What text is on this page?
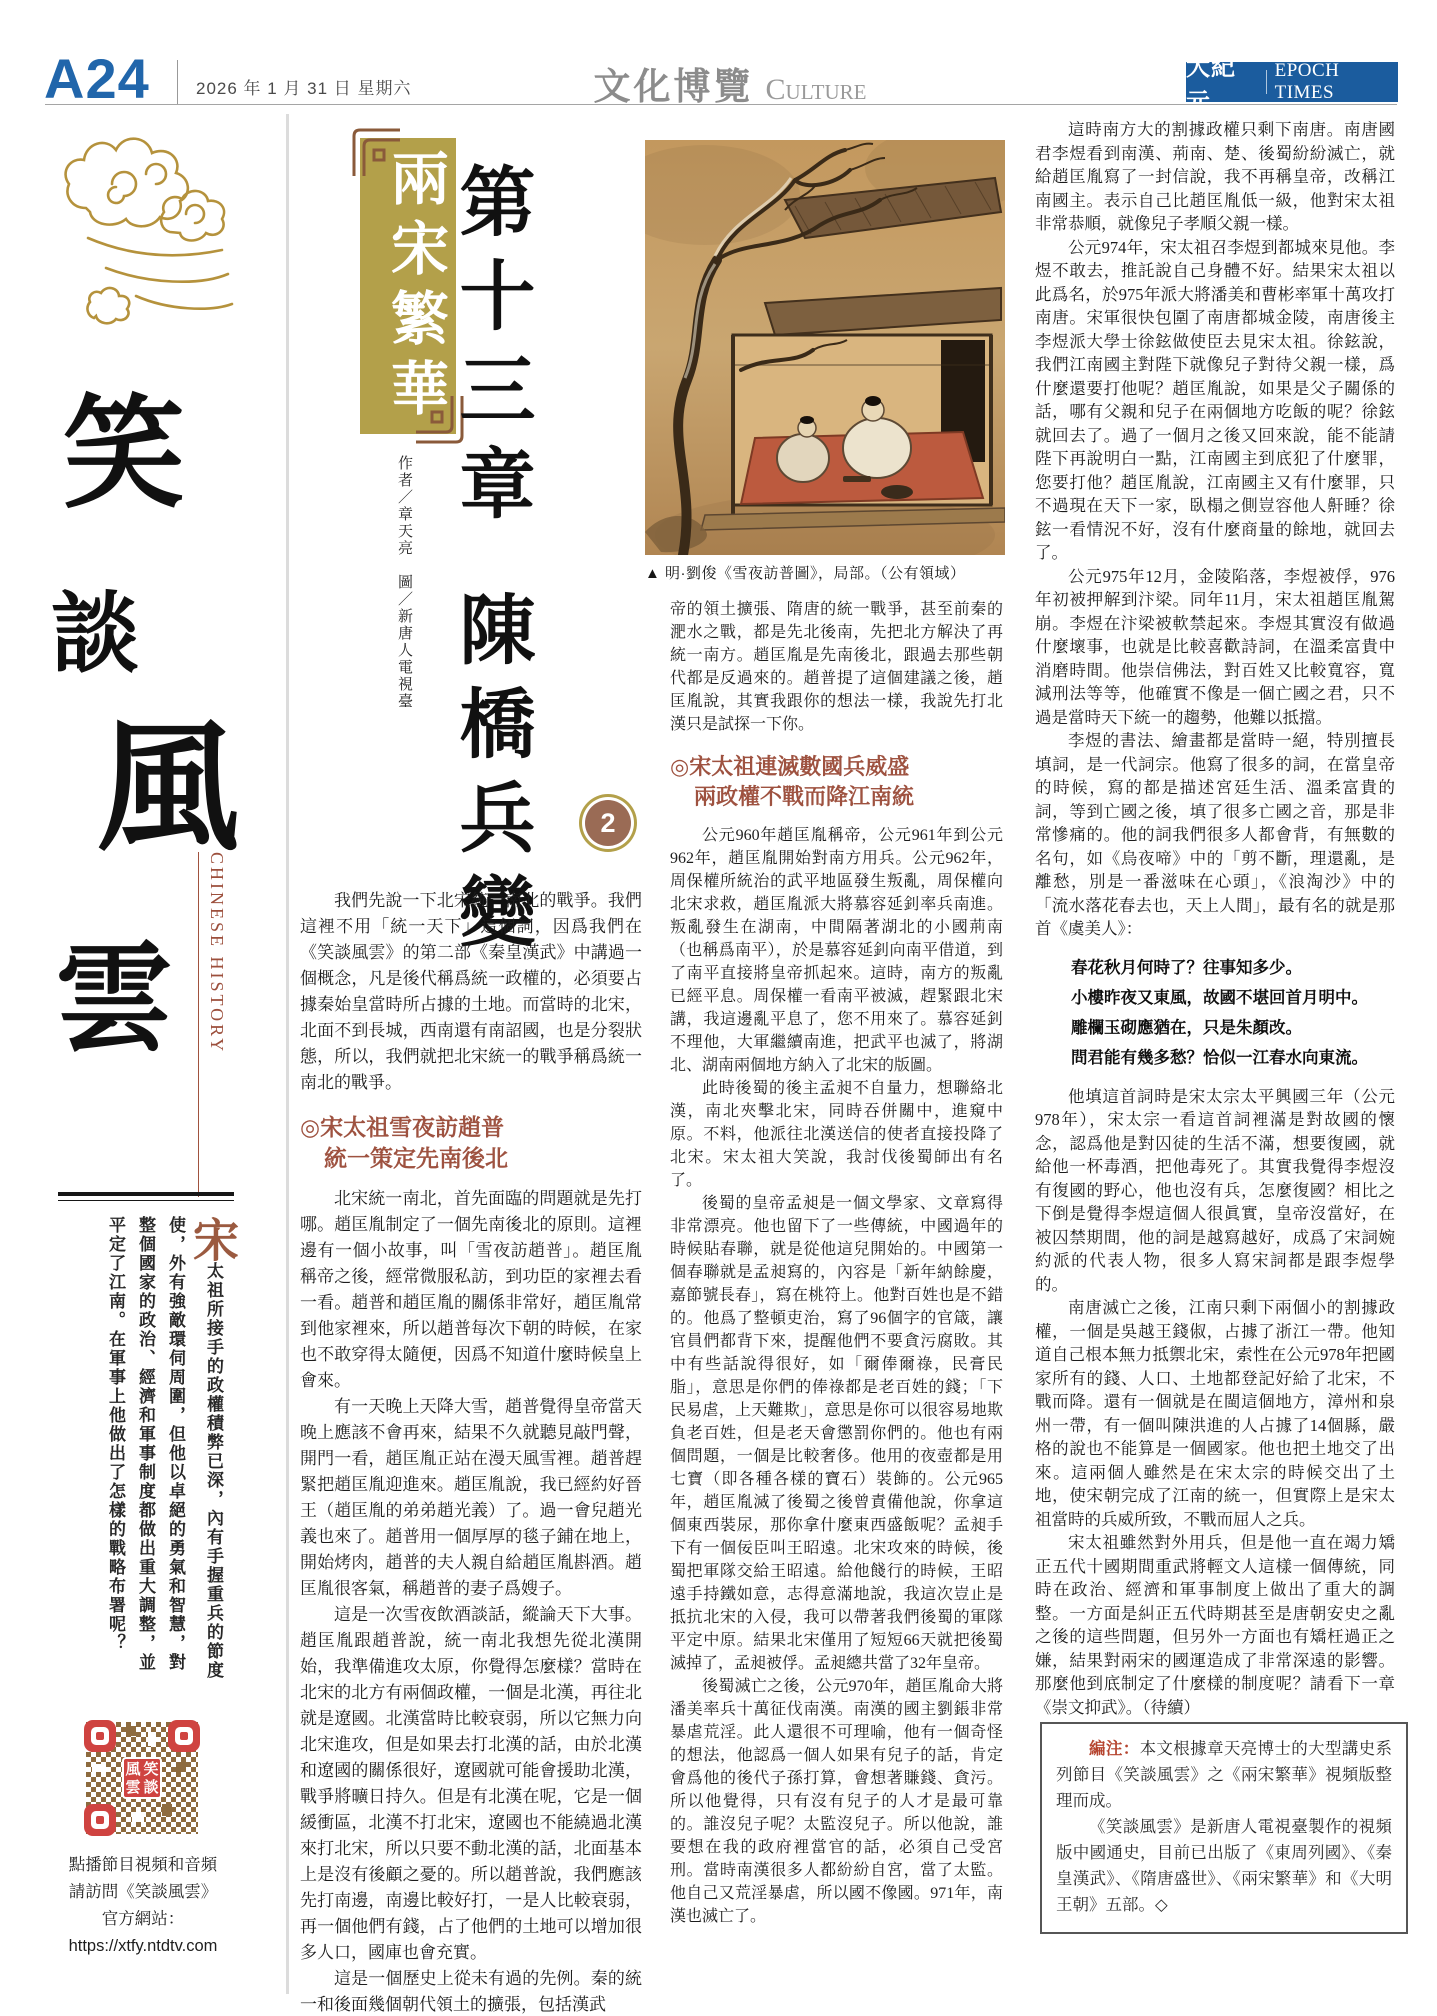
A24	2026 年 1 月 31 日 星期六	文化博覽 Culture
大紀元
EPOCH TIMES
笑
談
風
雲	CHINESE HISTORY
宋太祖所接手的政權積弊已深，內有手握重兵的節度使，外有強敵環伺周圍，但他以卓絕的勇氣和智慧，對整個國家的政治、經濟和軍事制度都做出重大調整，並平定了江南。在軍事上他做出了怎樣的戰略布署呢？
笑
談
風
雲
點播節目視頻和音頻
請訪問《笑談風雲》
官方網站：
https://xtfy.ntdtv.com
兩宋繁華
作者／章天亮　圖／新唐人電視臺
第十三章陳橋兵變 2
▲ 明·劉俊《雪夜訪普圖》，局部。（公有領域）

我們先說一下北宋統一南北的戰爭。我們這裡不用「統一天下」這個詞，因爲我們在《笑談風雲》的第二部《秦皇漢武》中講過一個概念，凡是後代稱爲統一政權的，必須要占據秦始皇當時所占據的土地。而當時的北宋，北面不到長城，西南還有南詔國，也是分裂狀態，所以，我們就把北宋統一的戰爭稱爲統一南北的戰爭。

◎宋太祖雪夜訪趙普
統一策定先南後北

北宋統一南北，首先面臨的問題就是先打哪。趙匡胤制定了一個先南後北的原則。這裡邊有一個小故事，叫「雪夜訪趙普」。趙匡胤稱帝之後，經常微服私訪，到功臣的家裡去看一看。趙普和趙匡胤的關係非常好，趙匡胤常到他家裡來，所以趙普每次下朝的時候，在家也不敢穿得太隨便，因爲不知道什麼時候皇上會來。

有一天晚上天降大雪，趙普覺得皇帝當天晚上應該不會再來，結果不久就聽見敲門聲，開門一看，趙匡胤正站在漫天風雪裡。趙普趕緊把趙匡胤迎進來。趙匡胤說，我已經約好晉王（趙匡胤的弟弟趙光義）了。過一會兒趙光義也來了。趙普用一個厚厚的毯子鋪在地上，開始烤肉，趙普的夫人親自給趙匡胤斟酒。趙匡胤很客氣，稱趙普的妻子爲嫂子。

這是一次雪夜飲酒談話，縱論天下大事。趙匡胤跟趙普說，統一南北我想先從北漢開始，我準備進攻太原，你覺得怎麼樣？當時在北宋的北方有兩個政權，一個是北漢，再往北就是遼國。北漢當時比較衰弱，所以它無力向北宋進攻，但是如果去打北漢的話，由於北漢和遼國的關係很好，遼國就可能會援助北漢，戰爭將曠日持久。但是有北漢在呢，它是一個緩衝區，北漢不打北宋，遼國也不能繞過北漢來打北宋，所以只要不動北漢的話，北面基本上是沒有後顧之憂的。所以趙普說，我們應該先打南邊，南邊比較好打，一是人比較衰弱，再一個他們有錢，占了他們的土地可以增加很多人口，國庫也會充實。

這是一個歷史上從未有過的先例。秦的統一和後面幾個朝代領土的擴張，包括漢武

帝的領土擴張、隋唐的統一戰爭，甚至前秦的淝水之戰，都是先北後南，先把北方解決了再統一南方。趙匡胤是先南後北，跟過去那些朝代都是反過來的。趙普提了這個建議之後，趙匡胤說，其實我跟你的想法一樣，我說先打北漢只是試探一下你。

◎宋太祖連滅數國兵威盛
兩政權不戰而降江南統

公元960年趙匡胤稱帝，公元961年到公元962年，趙匡胤開始對南方用兵。公元962年，周保權所統治的武平地區發生叛亂，周保權向北宋求救，趙匡胤派大將慕容延釗率兵南進。叛亂發生在湖南，中間隔著湖北的小國荊南（也稱爲南平），於是慕容延釗向南平借道，到了南平直接將皇帝抓起來。這時，南方的叛亂已經平息。周保權一看南平被滅，趕緊跟北宋講，我這邊亂平息了，您不用來了。慕容延釗不理他，大軍繼續南進，把武平也滅了，將湖北、湖南兩個地方納入了北宋的版圖。

此時後蜀的後主孟昶不自量力，想聯絡北漢，南北夾擊北宋，同時吞併關中，進窺中原。不料，他派往北漢送信的使者直接投降了北宋。宋太祖大笑說，我討伐後蜀師出有名了。

後蜀的皇帝孟昶是一個文學家、文章寫得非常漂亮。他也留下了一些傳統，中國過年的時候貼春聯，就是從他這兒開始的。中國第一個春聯就是孟昶寫的，內容是「新年納餘慶，嘉節號長春」，寫在桃符上。他對百姓也是不錯的。他爲了整頓吏治，寫了96個字的官箴，讓官員們都背下來，提醒他們不要貪污腐敗。其中有些話說得很好，如「爾俸爾祿，民膏民脂」，意思是你們的俸祿都是老百姓的錢；「下民易虐，上天難欺」，意思是你可以很容易地欺負老百姓，但是老天會懲罰你們的。他也有兩個問題，一個是比較奢侈。他用的夜壺都是用七寶（即各種各樣的寶石）裝飾的。公元965年，趙匡胤滅了後蜀之後曾責備他說，你拿這個東西裝尿，那你拿什麼東西盛飯呢？孟昶手下有一個佞臣叫王昭遠。北宋攻來的時候，後蜀把軍隊交給王昭遠。給他餞行的時候，王昭遠手持鐵如意，志得意滿地說，我這次豈止是抵抗北宋的入侵，我可以帶著我們後蜀的軍隊平定中原。結果北宋僅用了短短66天就把後蜀滅掉了，孟昶被俘。孟昶總共當了32年皇帝。

後蜀滅亡之後，公元970年，趙匡胤命大將潘美率兵十萬征伐南漢。南漢的國主劉鋹非常暴虐荒淫。此人還很不可理喻，他有一個奇怪的想法，他認爲一個人如果有兒子的話，肯定會爲他的後代子孫打算，會想著賺錢、貪污。所以他覺得，只有沒有兒子的人才是最可靠的。誰沒兒子呢？太監沒兒子。所以他說，誰要想在我的政府裡當官的話，必須自己受宮刑。當時南漢很多人都紛紛自宮，當了太監。他自己又荒淫暴虐，所以國不像國。971年，南漢也滅亡了。

這時南方大的割據政權只剩下南唐。南唐國君李煜看到南漢、荊南、楚、後蜀紛紛滅亡，就給趙匡胤寫了一封信說，我不再稱皇帝，改稱江南國主。表示自己比趙匡胤低一級，他對宋太祖非常恭順，就像兒子孝順父親一樣。

公元974年，宋太祖召李煜到都城來見他。李煜不敢去，推託說自己身體不好。結果宋太祖以此爲名，於975年派大將潘美和曹彬率軍十萬攻打南唐。宋軍很快包圍了南唐都城金陵，南唐後主李煜派大學士徐鉉做使臣去見宋太祖。徐鉉說，我們江南國主對陛下就像兒子對待父親一樣，爲什麼還要打他呢？趙匡胤說，如果是父子關係的話，哪有父親和兒子在兩個地方吃飯的呢？徐鉉就回去了。過了一個月之後又回來說，能不能請陛下再說明白一點，江南國主到底犯了什麼罪，您要打他？趙匡胤說，江南國主又有什麼罪，只不過現在天下一家，臥榻之側豈容他人鼾睡？徐鉉一看情況不好，沒有什麼商量的餘地，就回去了。

公元975年12月，金陵陷落，李煜被俘，976年初被押解到汴梁。同年11月，宋太祖趙匡胤駕崩。李煜在汴梁被軟禁起來。李煜其實沒有做過什麼壞事，也就是比較喜歡詩詞，在溫柔富貴中消磨時間。他崇信佛法，對百姓又比較寬容，寬減刑法等等，他確實不像是一個亡國之君，只不過是當時天下統一的趨勢，他難以抵擋。

李煜的書法、繪畫都是當時一絕，特別擅長填詞，是一代詞宗。他寫了很多的詞，在當皇帝的時候，寫的都是描述宮廷生活、溫柔富貴的詞，等到亡國之後，填了很多亡國之音，那是非常慘痛的。他的詞我們很多人都會背，有無數的名句，如《烏夜啼》中的「剪不斷，理還亂，是離愁，別是一番滋味在心頭」，《浪淘沙》中的「流水落花春去也，天上人間」，最有名的就是那首《虞美人》：

春花秋月何時了？往事知多少。
小樓昨夜又東風，故國不堪回首月明中。
雕欄玉砌應猶在，只是朱顏改。
問君能有幾多愁？恰似一江春水向東流。

他填這首詞時是宋太宗太平興國三年（公元978年），宋太宗一看這首詞裡滿是對故國的懷念，認爲他是對囚徒的生活不滿，想要復國，就給他一杯毒酒，把他毒死了。其實我覺得李煜沒有復國的野心，他也沒有兵，怎麼復國？相比之下倒是覺得李煜這個人很眞實，皇帝沒當好，在被囚禁期間，他的詞是越寫越好，成爲了宋詞婉約派的代表人物，很多人寫宋詞都是跟李煜學的。

南唐滅亡之後，江南只剩下兩個小的割據政權，一個是吳越王錢俶，占據了浙江一帶。他知道自己根本無力抵禦北宋，索性在公元978年把國家所有的錢、人口、土地都登記好給了北宋，不戰而降。還有一個就是在閩這個地方，漳州和泉州一帶，有一個叫陳洪進的人占據了14個縣，嚴格的說也不能算是一個國家。他也把土地交了出來。這兩個人雖然是在宋太宗的時候交出了土地，使宋朝完成了江南的統一，但實際上是宋太祖當時的兵威所致，不戰而屈人之兵。

宋太祖雖然對外用兵，但是他一直在竭力矯正五代十國期間重武將輕文人這樣一個傳統，同時在政治、經濟和軍事制度上做出了重大的調整。一方面是糾正五代時期甚至是唐朝安史之亂之後的這些問題，但另外一方面也有矯枉過正之嫌，結果對兩宋的國運造成了非常深遠的影響。那麼他到底制定了什麼樣的制度呢？請看下一章《崇文抑武》。（待續）

編注：本文根據章天亮博士的大型講史系列節目《笑談風雲》之《兩宋繁華》視頻版整理而成。

《笑談風雲》是新唐人電視臺製作的視頻版中國通史，目前已出版了《東周列國》、《秦皇漢武》、《隋唐盛世》、《兩宋繁華》和《大明王朝》五部。◇
